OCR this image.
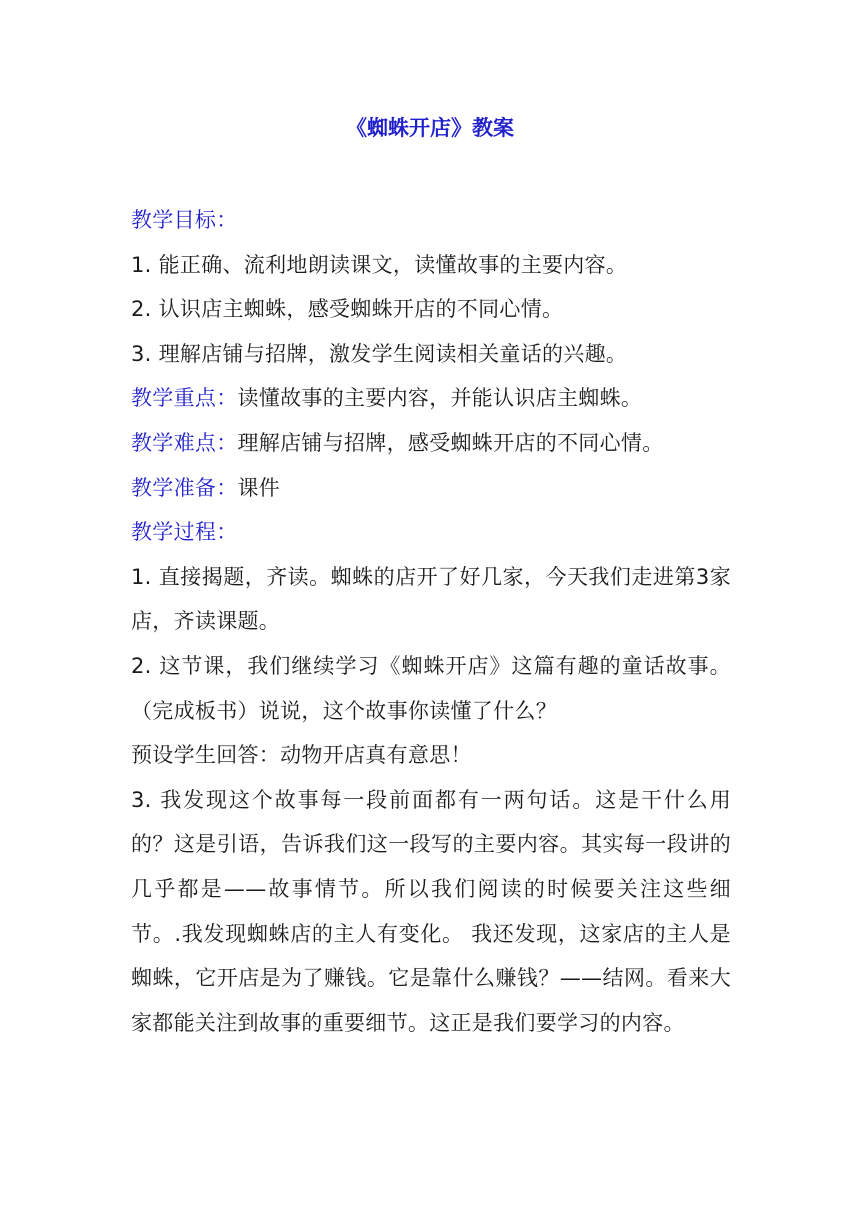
《蜘蛛开店》教案

教学目标：

1. 能正确、流利地朗读课文，读懂故事的主要内容。

2. 认识店主蜘蛛，感受蜘蛛开店的不同心情。

3. 理解店铺与招牌，激发学生阅读相关童话的兴趣。

教学重点：读懂故事的主要内容，并能认识店主蜘蛛。

教学难点：理解店铺与招牌，感受蜘蛛开店的不同心情。

教学准备：课件

教学过程：

1. 直接揭题，齐读。蜘蛛的店开了好几家，今天我们走进第3家店，齐读课题。

2. 这节课，我们继续学习《蜘蛛开店》这篇有趣的童话故事。（完成板书）说说，这个故事你读懂了什么？

预设学生回答：动物开店真有意思！

3. 我发现这个故事每一段前面都有一两句话。这是干什么用的？这是引语，告诉我们这一段写的主要内容。其实每一段讲的几乎都是——故事情节。所以我们阅读的时候要关注这些细节。.我发现蜘蛛店的主人有变化。 我还发现，这家店的主人是蜘蛛，它开店是为了赚钱。它是靠什么赚钱？——结网。看来大家都能关注到故事的重要细节。这正是我们要学习的内容。
